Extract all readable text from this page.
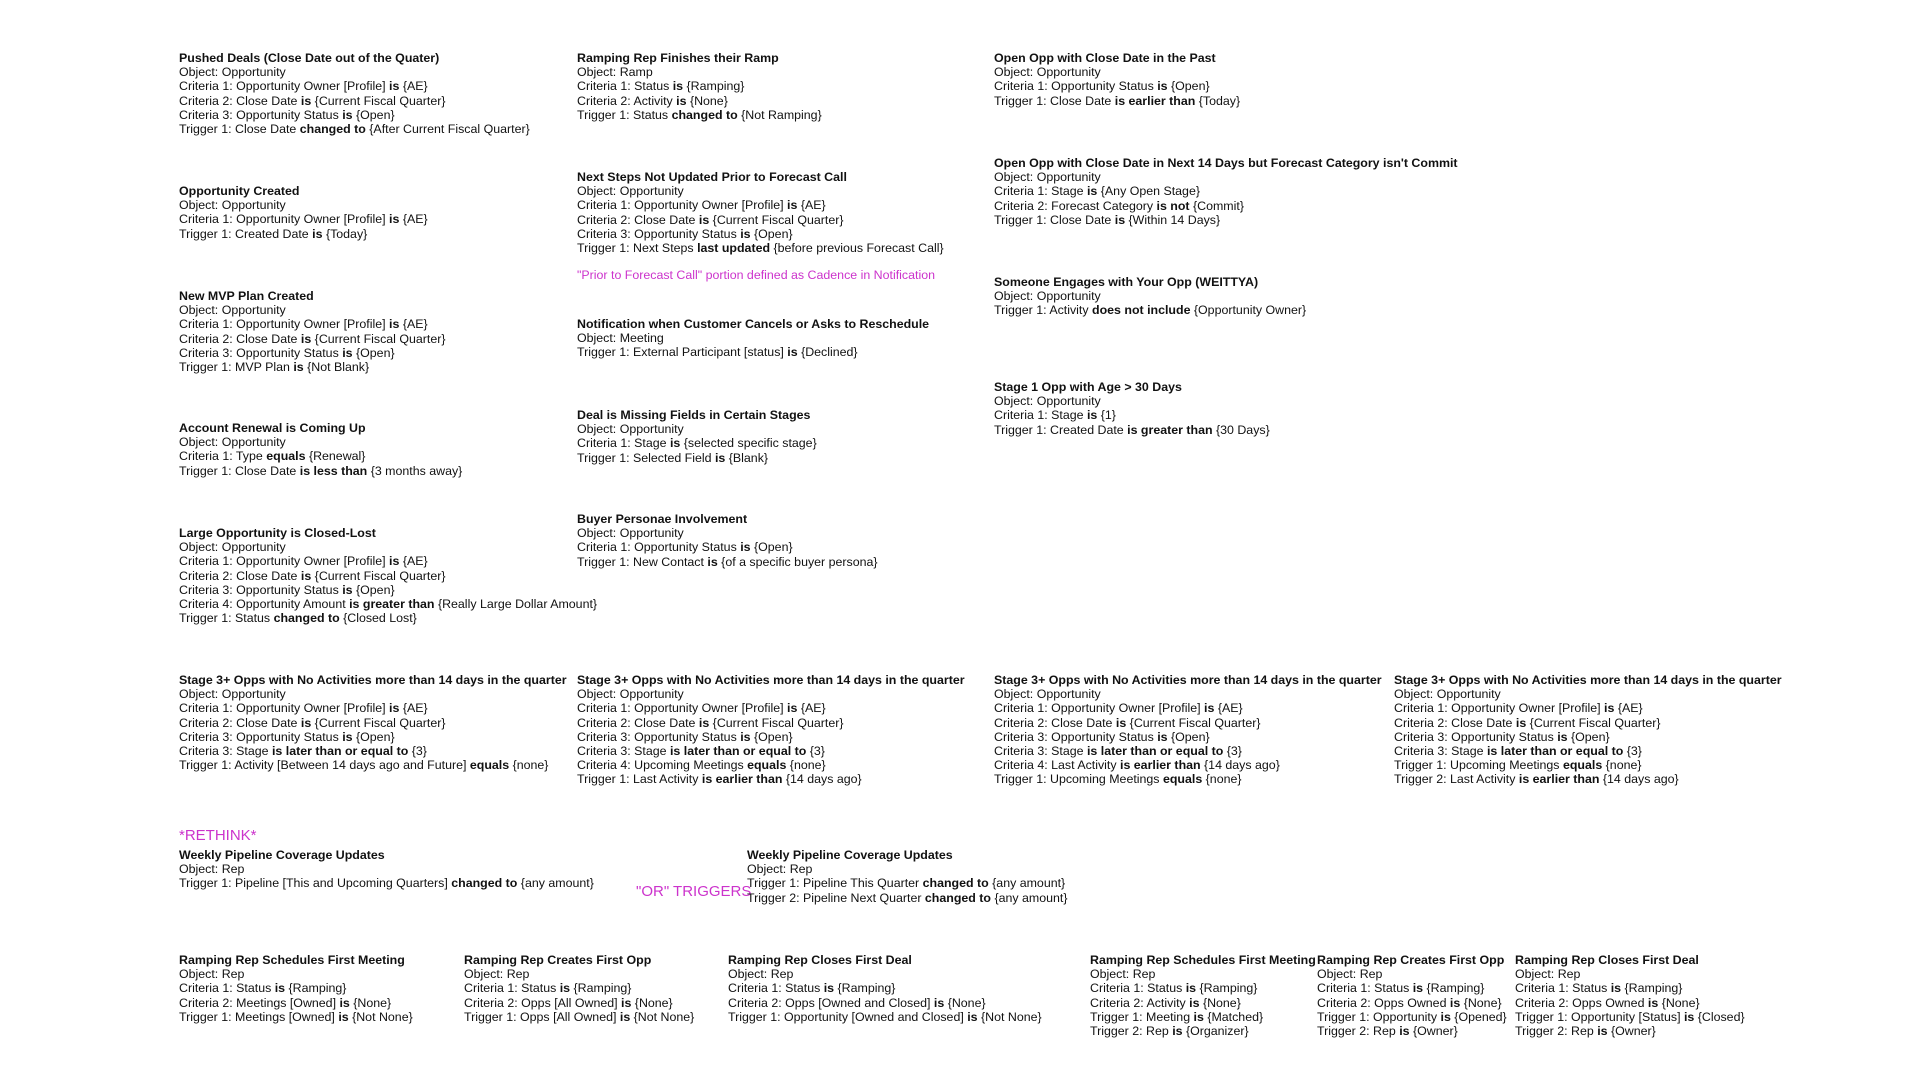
Pushed Deals (Close Date out of the Quater)
Object: Opportunity
Criteria 1: Opportunity Owner [Profile] is {AE}
Criteria 2: Close Date is {Current Fiscal Quarter}
Criteria 3: Opportunity Status is {Open}
Trigger 1: Close Date changed to {After Current Fiscal Quarter}
Opportunity Created
Object: Opportunity
Criteria 1: Opportunity Owner [Profile] is {AE}
Trigger 1: Created Date is {Today}
New MVP Plan Created
Object: Opportunity
Criteria 1: Opportunity Owner [Profile] is {AE}
Criteria 2: Close Date is {Current Fiscal Quarter}
Criteria 3: Opportunity Status is {Open}
Trigger 1: MVP Plan is {Not Blank}
Account Renewal is Coming Up
Object: Opportunity
Criteria 1: Type equals {Renewal}
Trigger 1: Close Date is less than {3 months away}
Large Opportunity is Closed-Lost
Object: Opportunity
Criteria 1: Opportunity Owner [Profile] is {AE}
Criteria 2: Close Date is {Current Fiscal Quarter}
Criteria 3: Opportunity Status is {Open}
Criteria 4: Opportunity Amount is greater than {Really Large Dollar Amount}
Trigger 1: Status changed to {Closed Lost}
Ramping Rep Finishes their Ramp
Object: Ramp
Criteria 1: Status is {Ramping}
Criteria 2: Activity is {None}
Trigger 1: Status changed to {Not Ramping}
Next Steps Not Updated Prior to Forecast Call
Object: Opportunity
Criteria 1: Opportunity Owner [Profile] is {AE}
Criteria 2: Close Date is {Current Fiscal Quarter}
Criteria 3: Opportunity Status is {Open}
Trigger 1: Next Steps last updated {before previous Forecast Call}
"Prior to Forecast Call" portion defined as Cadence in Notification
Notification when Customer Cancels or Asks to Reschedule
Object: Meeting
Trigger 1: External Participant [status] is {Declined}
Deal is Missing Fields in Certain Stages
Object: Opportunity
Criteria 1: Stage is {selected specific stage}
Trigger 1: Selected Field is {Blank}
Buyer Personae Involvement
Object: Opportunity
Criteria 1: Opportunity Status is {Open}
Trigger 1: New Contact is {of a specific buyer persona}
Open Opp with Close Date in the Past
Object: Opportunity
Criteria 1: Opportunity Status is {Open}
Trigger 1: Close Date is earlier than {Today}
Open Opp with Close Date in Next 14 Days but Forecast Category isn't Commit
Object: Opportunity
Criteria 1: Stage is {Any Open Stage}
Criteria 2: Forecast Category is not {Commit}
Trigger 1: Close Date is {Within 14 Days}
Someone Engages with Your Opp (WEITTYA)
Object: Opportunity
Trigger 1: Activity does not include {Opportunity Owner}
Stage 1 Opp with Age > 30 Days
Object: Opportunity
Criteria 1: Stage is {1}
Trigger 1: Created Date is greater than {30 Days}
Stage 3+ Opps with No Activities more than 14 days in the quarter
Object: Opportunity
Criteria 1: Opportunity Owner [Profile] is {AE}
Criteria 2: Close Date is {Current Fiscal Quarter}
Criteria 3: Opportunity Status is {Open}
Criteria 3: Stage is later than or equal to {3}
Trigger 1: Activity [Between 14 days ago and Future] equals {none}
Stage 3+ Opps with No Activities more than 14 days in the quarter
Object: Opportunity
Criteria 1: Opportunity Owner [Profile] is {AE}
Criteria 2: Close Date is {Current Fiscal Quarter}
Criteria 3: Opportunity Status is {Open}
Criteria 3: Stage is later than or equal to {3}
Criteria 4: Upcoming Meetings equals {none}
Trigger 1: Last Activity is earlier than {14 days ago}
Stage 3+ Opps with No Activities more than 14 days in the quarter
Object: Opportunity
Criteria 1: Opportunity Owner [Profile] is {AE}
Criteria 2: Close Date is {Current Fiscal Quarter}
Criteria 3: Opportunity Status is {Open}
Criteria 3: Stage is later than or equal to {3}
Criteria 4: Last Activity is earlier than {14 days ago}
Trigger 1: Upcoming Meetings equals {none}
Stage 3+ Opps with No Activities more than 14 days in the quarter
Object: Opportunity
Criteria 1: Opportunity Owner [Profile] is {AE}
Criteria 2: Close Date is {Current Fiscal Quarter}
Criteria 3: Opportunity Status is {Open}
Criteria 3: Stage is later than or equal to {3}
Trigger 1: Upcoming Meetings equals {none}
Trigger 2: Last Activity is earlier than {14 days ago}
*RETHINK*
Weekly Pipeline Coverage Updates
Object: Rep
Trigger 1: Pipeline [This and Upcoming Quarters] changed to {any amount}	"OR" TRIGGERS
Weekly Pipeline Coverage Updates
Object: Rep
Trigger 1: Pipeline This Quarter changed to {any amount}
Trigger 2: Pipeline Next Quarter changed to {any amount}
Ramping Rep Schedules First Meeting
Object: Rep
Criteria 1: Status is {Ramping}
Criteria 2: Meetings [Owned] is {None}
Trigger 1: Meetings [Owned] is {Not None}
Ramping Rep Creates First Opp
Object: Rep
Criteria 1: Status is {Ramping}
Criteria 2: Opps [All Owned] is {None}
Trigger 1: Opps [All Owned] is {Not None}
Ramping Rep Closes First Deal
Object: Rep
Criteria 1: Status is {Ramping}
Criteria 2: Opps [Owned and Closed] is {None}
Trigger 1: Opportunity [Owned and Closed] is {Not None}
Ramping Rep Schedules First Meeting
Object: Rep
Criteria 1: Status is {Ramping}
Criteria 2: Activity is {None}
Trigger 1: Meeting is {Matched}
Trigger 2: Rep is {Organizer}
Ramping Rep Creates First Opp
Object: Rep
Criteria 1: Status is {Ramping}
Criteria 2: Opps Owned is {None}
Trigger 1: Opportunity is {Opened}
Trigger 2: Rep is {Owner}
Ramping Rep Closes First Deal
Object: Rep
Criteria 1: Status is {Ramping}
Criteria 2: Opps Owned is {None}
Trigger 1: Opportunity [Status] is {Closed}
Trigger 2: Rep is {Owner}
